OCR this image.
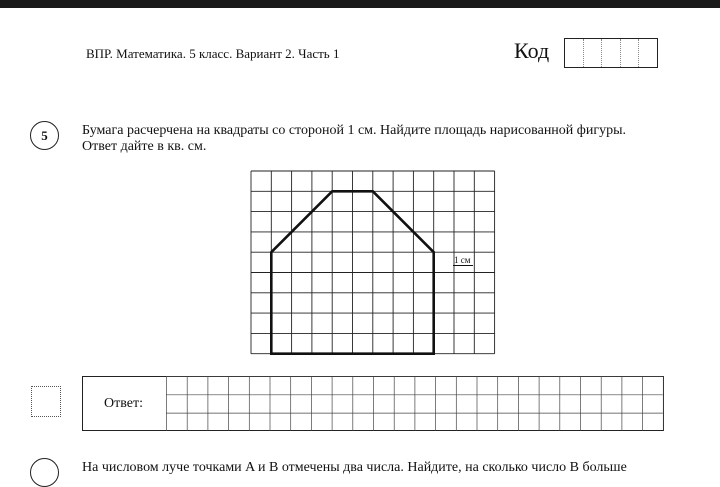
ВПР. Математика. 5 класс. Вариант 2. Часть 1	Код
5 Бумага расчерчена на квадраты со стороной 1 см. Найдите площадь нарисованной фигуры.
Ответ дайте в кв. см.
1 см
Ответ:
На числовом луче точками A и B отмечены два числа. Найдите, на сколько число B больше
